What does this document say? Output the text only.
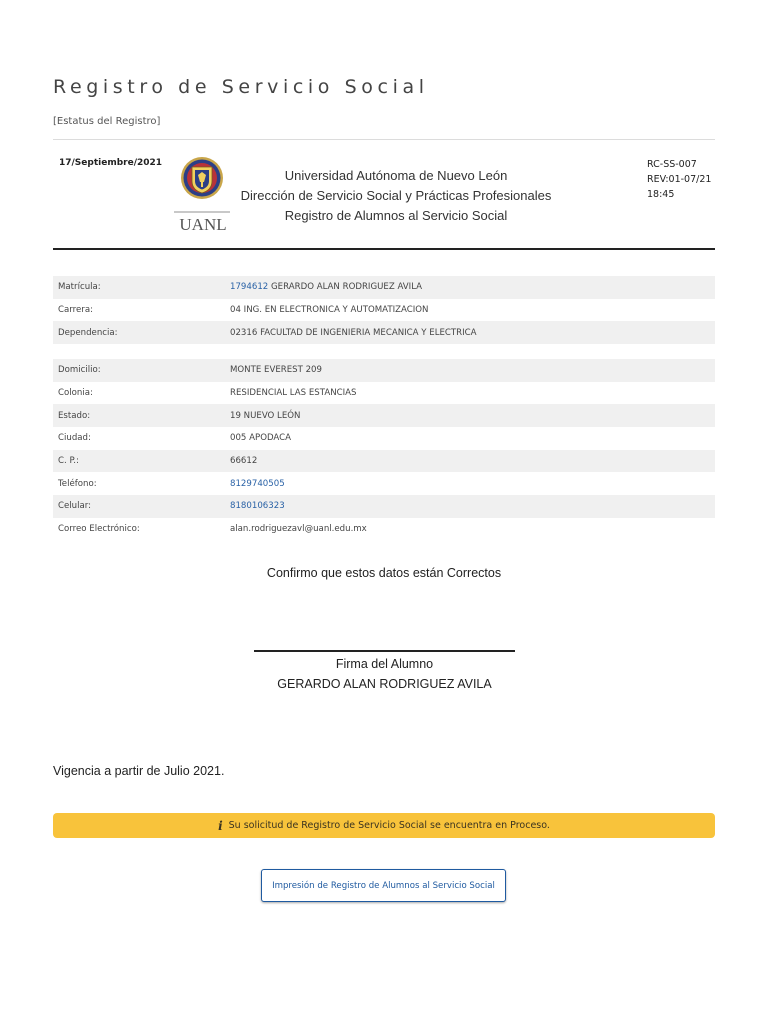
Registro de Servicio Social
[Estatus del Registro]
17/Septiembre/2021
UANL
Universidad Autónoma de Nuevo León
Dirección de Servicio Social y Prácticas Profesionales
Registro de Alumnos al Servicio Social
RC-SS-007
REV:01-07/21
18:45
Matrícula:	1794612 GERARDO ALAN RODRIGUEZ AVILA
Carrera:	04 ING. EN ELECTRONICA Y AUTOMATIZACION
Dependencia:	02316 FACULTAD DE INGENIERIA MECANICA Y ELECTRICA
Domicilio:	MONTE EVEREST 209
Colonia:	RESIDENCIAL LAS ESTANCIAS
Estado:	19 NUEVO LEÓN
Ciudad:	005 APODACA
C. P.:	66612
Teléfono:	8129740505
Celular:	8180106323
Correo Electrónico:	alan.rodriguezavl@uanl.edu.mx
Confirmo que estos datos están Correctos
Firma del Alumno
GERARDO ALAN RODRIGUEZ AVILA
Vigencia a partir de Julio 2021.
i Su solicitud de Registro de Servicio Social se encuentra en Proceso.
Impresión de Registro de Alumnos al Servicio Social
